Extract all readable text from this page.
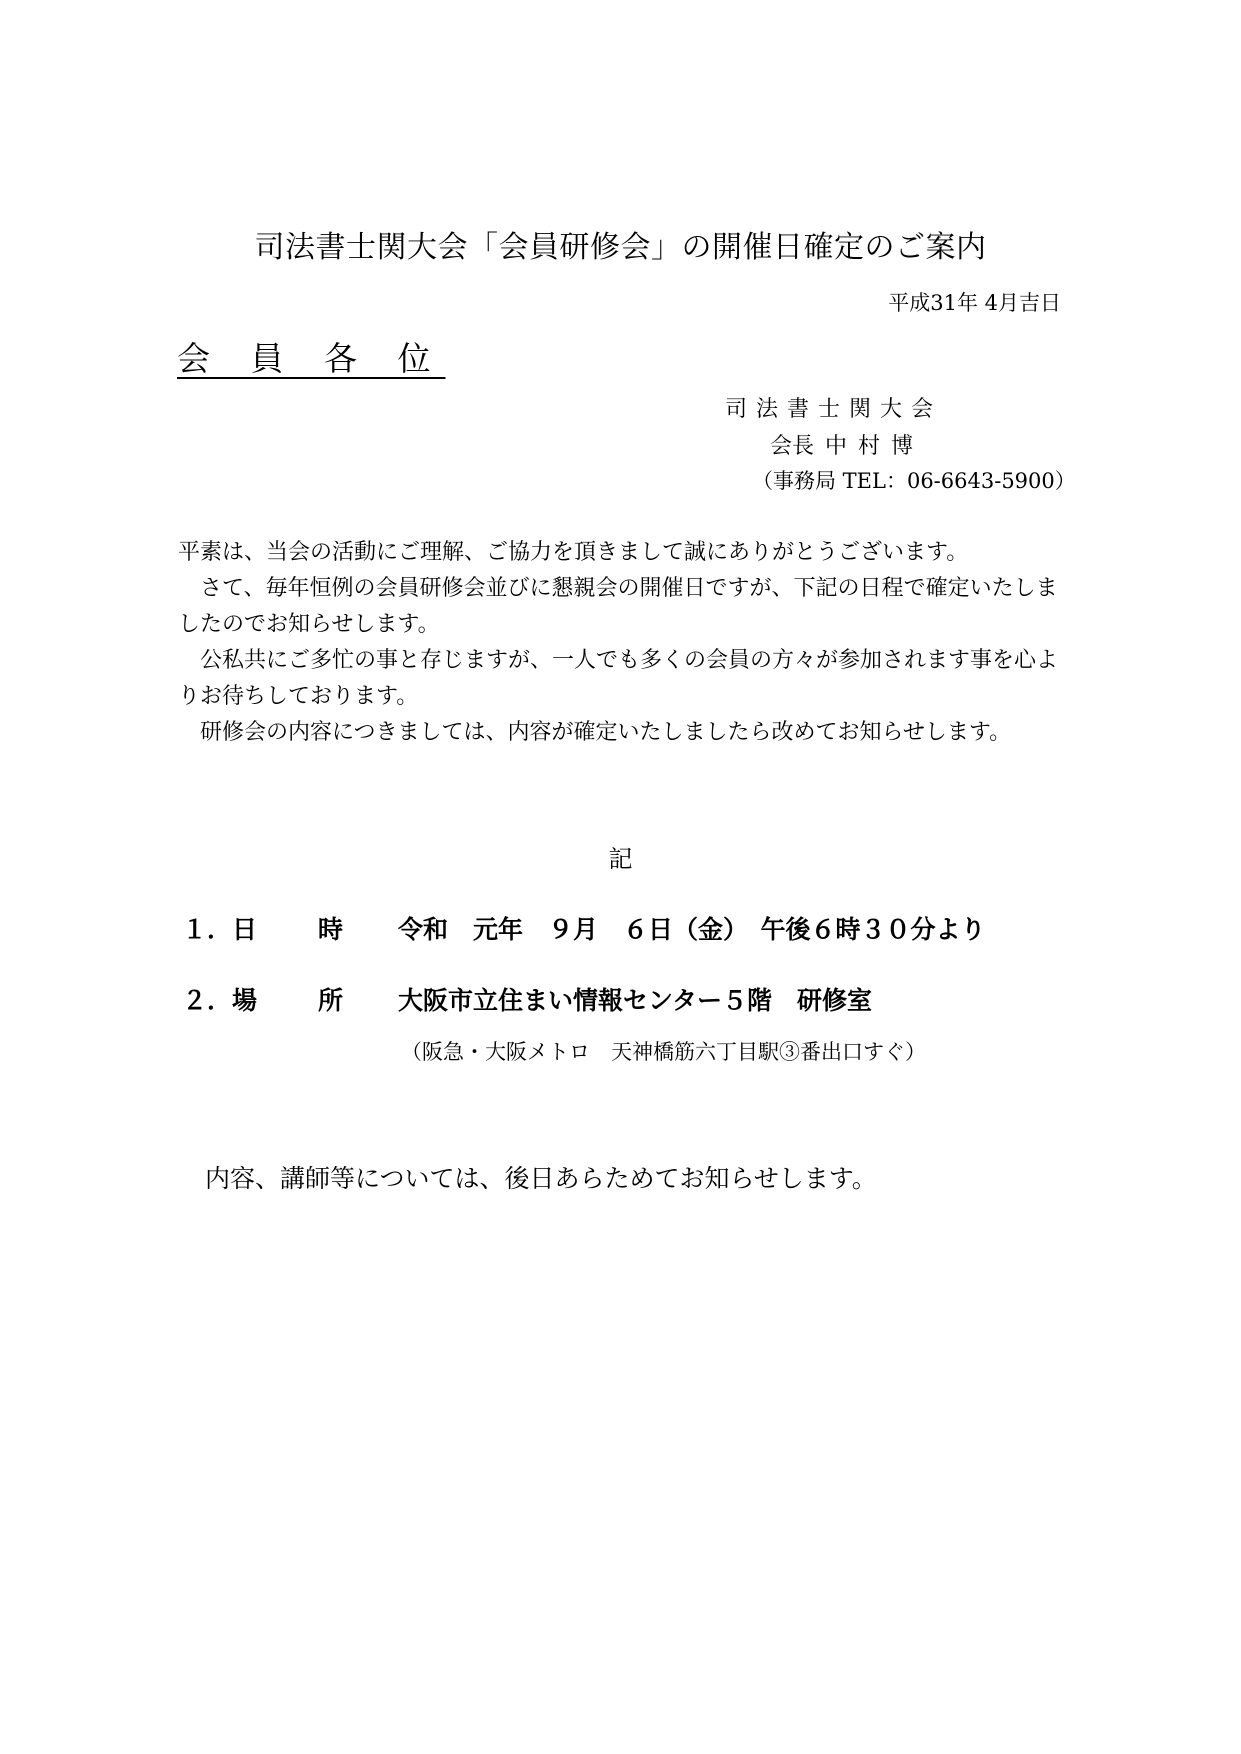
司法書士関大会「会員研修会」の開催日確定のご案内
平成31年 4月吉日
会 員 各 位
司法書士関大会
会長 中 村 博
（事務局 TEL：06-6643-5900）
平素は、当会の活動にご理解、ご協力を頂きまして誠にありがとうございます。
さて、毎年恒例の会員研修会並びに懇親会の開催日ですが、下記の日程で確定いたしましたのでお知らせします。
公私共にご多忙の事と存じますが、一人でも多くの会員の方々が参加されます事を心よりお待ちしております。
研修会の内容につきましては、内容が確定いたしましたら改めてお知らせします。
記
１． 日 時 令和　元年　９月　６日（金）　午後６時３０分より
２． 場 所 大阪市立住まい情報センター５階　研修室
（阪急・大阪メトロ　天神橋筋六丁目駅③番出口すぐ）
内容、講師等については、後日あらためてお知らせします。
